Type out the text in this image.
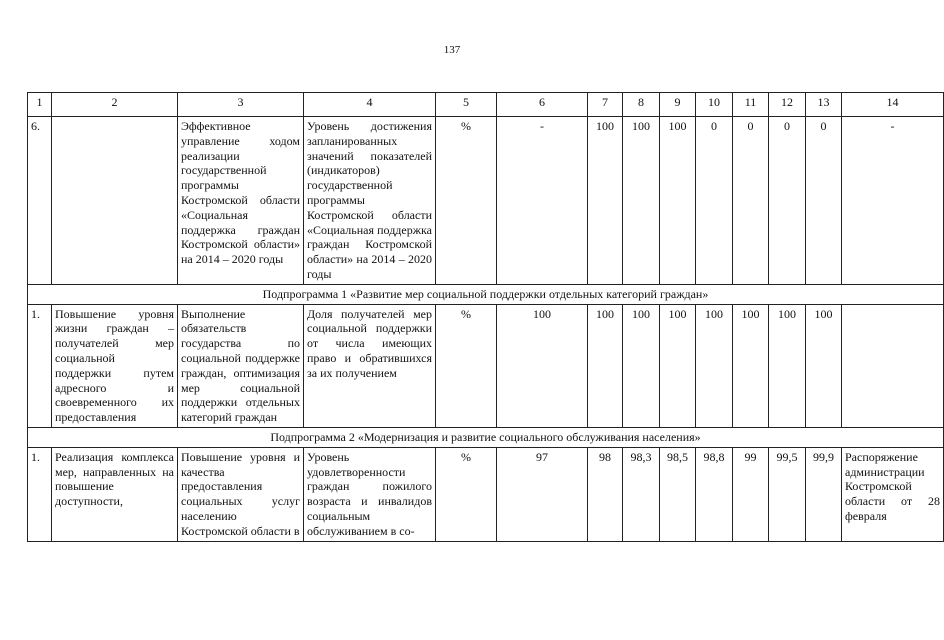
137
1	2	3	4	5	6	7	8	9	10	11	12	13	14
6.		Эффективное управление ходом реализации государственной программы Костромской области «Социальная поддержка граждан Костромской области» на 2014 – 2020 годы	Уровень достижения запланированных значений показателей (индикаторов) государственной программы Костромской области «Социальная поддержка граждан Костромской области» на 2014 – 2020 годы	%	-	100	100	100	0	0	0	0	-
Подпрограмма 1 «Развитие мер социальной поддержки отдельных категорий граждан»													
1.	Повышение уровня жизни граждан – получателей мер социальной поддержки путем адресного и своевременного их предоставления	Выполнение обязательств государства по социальной поддержке граждан, оптимизация мер социальной поддержки отдельных категорий граждан	Доля получателей мер социальной поддержки от числа имеющих право и обратившихся за их получением	%	100	100	100	100	100	100	100	100	
Подпрограмма 2 «Модернизация и развитие социального обслуживания населения»													
1.	Реализация комплекса мер, направленных на повышение доступности,	Повышение уровня и качества предоставления социальных услуг населению Костромской области в	Уровень удовлетворенности граждан пожилого возраста и инвалидов социальным обслуживанием в со-	%	97	98	98,3	98,5	98,8	99	99,5	99,9	Распоряжение администрации Костромской области от 28 февраля
